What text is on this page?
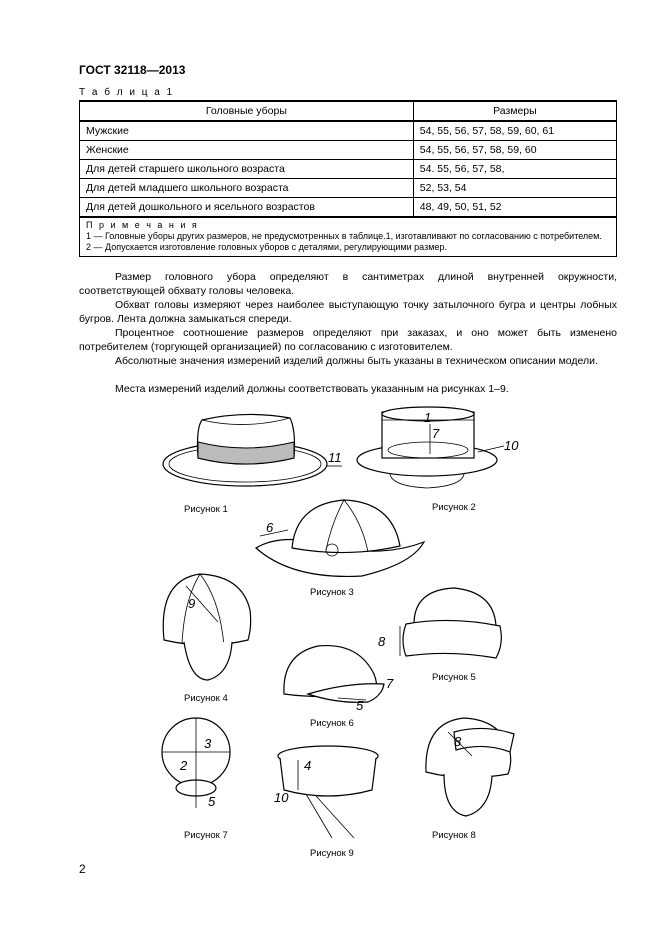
ГОСТ 32118—2013
Т а б л и ц а 1
Головные уборы	Размеры
Мужские	54, 55, 56, 57, 58, 59, 60, 61
Женские	54, 55, 56, 57, 58, 59, 60
Для детей старшего школьного возраста	54. 55, 56, 57, 58,
Для детей младшего школьного возраста	52, 53, 54
Для детей дошкольного и ясельного возрастов	48, 49, 50, 51, 52

П р и м е ч а н и я
1 — Головные уборы других размеров, не предусмотренных в таблице.1, изготавливают по согласованию с потребителем.
2 — Допускается изготовление головных уборов с деталями, регулирующими размер.	

Размер головного убора определяют в сантиметрах длиной внутренней окружности, соответствующей обхвату головы человека.

Обхват головы измеряют через наиболее выступающую точку затылочного бугра и центры лобных бугров. Лента должна замыкаться спереди.

Процентное соотношение размеров определяют при заказах, и оно может быть изменено потребителем (торгующей организацией) по согласованию с изготовителем.

Абсолютные значения измерений изделий должны быть указаны в техническом описании модели.

Места измерений изделий должны соответствовать указанным на рисунках 1–9.

11
Рисунок 1
1
7
10
Рисунок 2
6
Рисунок 3
9
Рисунок 4
8
Рисунок 5
5
7
Рисунок 6
3
2
5
Рисунок 7
4
10
Рисунок 9
8
Рисунок 8
2
